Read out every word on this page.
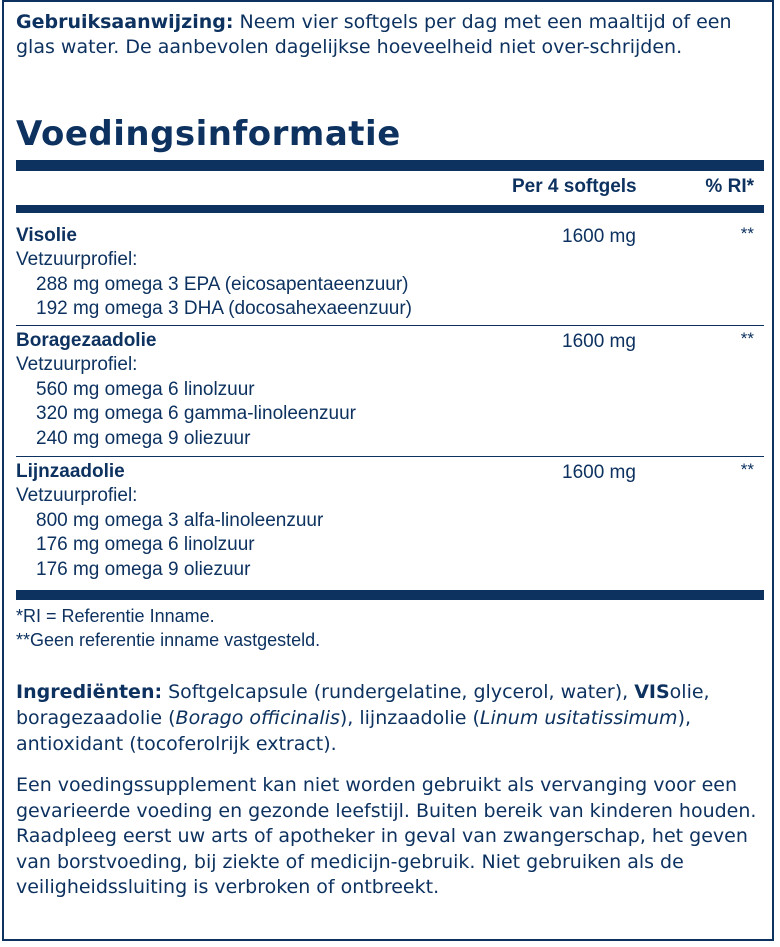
Gebruiksaanwijzing: Neem vier softgels per dag met een maaltijd of een glas water. De aanbevolen dagelijkse hoeveelheid niet over-schrijden.
Voedingsinformatie
Per 4 softgels	% RI*
Visolie
Vetzuurprofiel:
288 mg omega 3 EPA (eicosapentaeenzuur)
192 mg omega 3 DHA (docosahexaeenzuur)
1600 mg	**
Boragezaadolie
Vetzuurprofiel:
560 mg omega 6 linolzuur
320 mg omega 6 gamma-linoleenzuur
240 mg omega 9 oliezuur
1600 mg	**
Lijnzaadolie
Vetzuurprofiel:
800 mg omega 3 alfa-linoleenzuur
176 mg omega 6 linolzuur
176 mg omega 9 oliezuur
1600 mg	**
*RI = Referentie Inname.
**Geen referentie inname vastgesteld.
Ingrediënten: Softgelcapsule (rundergelatine, glycerol, water), VISolie, boragezaadolie (Borago officinalis), lijnzaadolie (Linum usitatissimum), antioxidant (tocoferolrijk extract).
Een voedingssupplement kan niet worden gebruikt als vervanging voor een gevarieerde voeding en gezonde leefstijl. Buiten bereik van kinderen houden. Raadpleeg eerst uw arts of apotheker in geval van zwangerschap, het geven van borstvoeding, bij ziekte of medicijn-gebruik. Niet gebruiken als de veiligheidssluiting is verbroken of ontbreekt.
